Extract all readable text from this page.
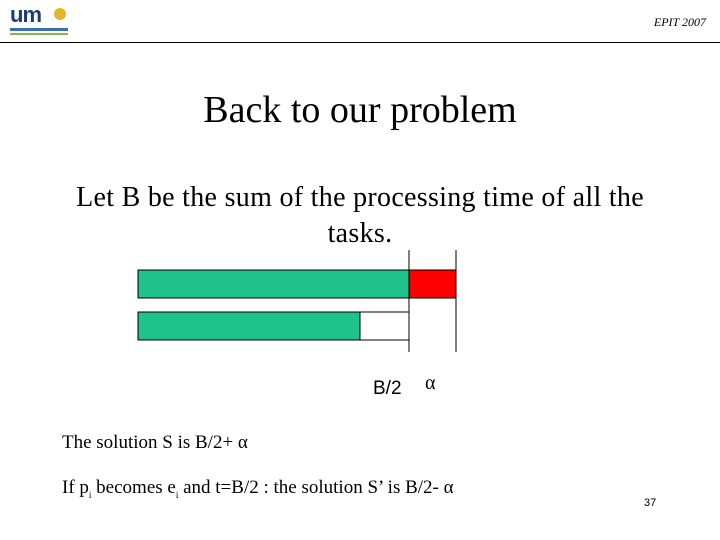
um	EPIT 2007
Back to our problem
Let B be the sum of the processing time of all the tasks.
B/2 α
The solution S is B/2+ α
If $p_i$ becomes $e_i$ and t=B/2 : the solution S’ is B/2- α
37
